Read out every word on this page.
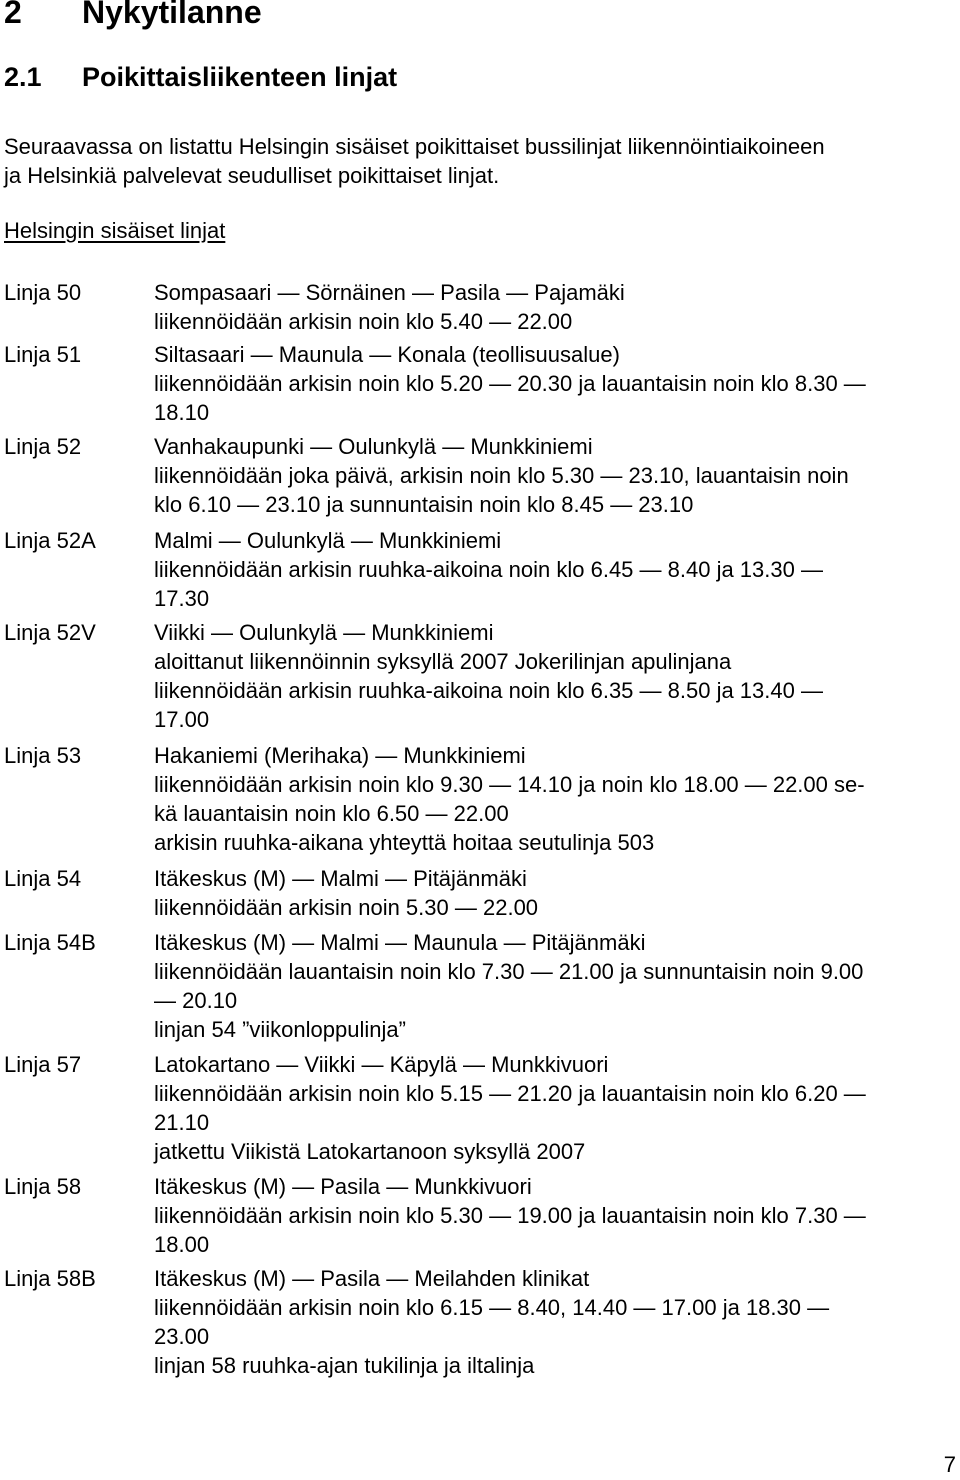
2 Nykytilanne
2.1 Poikittaisliikenteen linjat
Seuraavassa on listattu Helsingin sisäiset poikittaiset bussilinjat liikennöintiaikoineen
ja Helsinkiä palvelevat seudulliset poikittaiset linjat.
Helsingin sisäiset linjat
Linja 50	Sompasaari — Sörnäinen — Pasila — Pajamäki
liikennöidään arkisin noin klo 5.40 — 22.00
Linja 51	Siltasaari — Maunula — Konala (teollisuusalue)
liikennöidään arkisin noin klo 5.20 — 20.30 ja lauantaisin noin klo 8.30 —
18.10
Linja 52	Vanhakaupunki — Oulunkylä — Munkkiniemi
liikennöidään joka päivä, arkisin noin klo 5.30 — 23.10, lauantaisin noin
klo 6.10 — 23.10 ja sunnuntaisin noin klo 8.45 — 23.10
Linja 52A	Malmi — Oulunkylä — Munkkiniemi
liikennöidään arkisin ruuhka-aikoina noin klo 6.45 — 8.40 ja 13.30 —
17.30
Linja 52V	Viikki — Oulunkylä — Munkkiniemi
aloittanut liikennöinnin syksyllä 2007 Jokerilinjan apulinjana
liikennöidään arkisin ruuhka-aikoina noin klo 6.35 — 8.50 ja 13.40 —
17.00
Linja 53	Hakaniemi (Merihaka) — Munkkiniemi
liikennöidään arkisin noin klo 9.30 — 14.10 ja noin klo 18.00 — 22.00 se-
kä lauantaisin noin klo 6.50 — 22.00
arkisin ruuhka-aikana yhteyttä hoitaa seutulinja 503
Linja 54	Itäkeskus (M) — Malmi — Pitäjänmäki
liikennöidään arkisin noin 5.30 — 22.00
Linja 54B	Itäkeskus (M) — Malmi — Maunula — Pitäjänmäki
liikennöidään lauantaisin noin klo 7.30 — 21.00 ja sunnuntaisin noin 9.00
— 20.10
linjan 54 ”viikonloppulinja”
Linja 57	Latokartano — Viikki — Käpylä — Munkkivuori
liikennöidään arkisin noin klo 5.15 — 21.20 ja lauantaisin noin klo 6.20 —
21.10
jatkettu Viikistä Latokartanoon syksyllä 2007
Linja 58	Itäkeskus (M) — Pasila — Munkkivuori
liikennöidään arkisin noin klo 5.30 — 19.00 ja lauantaisin noin klo 7.30 —
18.00
Linja 58B	Itäkeskus (M) — Pasila — Meilahden klinikat
liikennöidään arkisin noin klo 6.15 — 8.40, 14.40 — 17.00 ja 18.30 —
23.00
linjan 58 ruuhka-ajan tukilinja ja iltalinja
7
